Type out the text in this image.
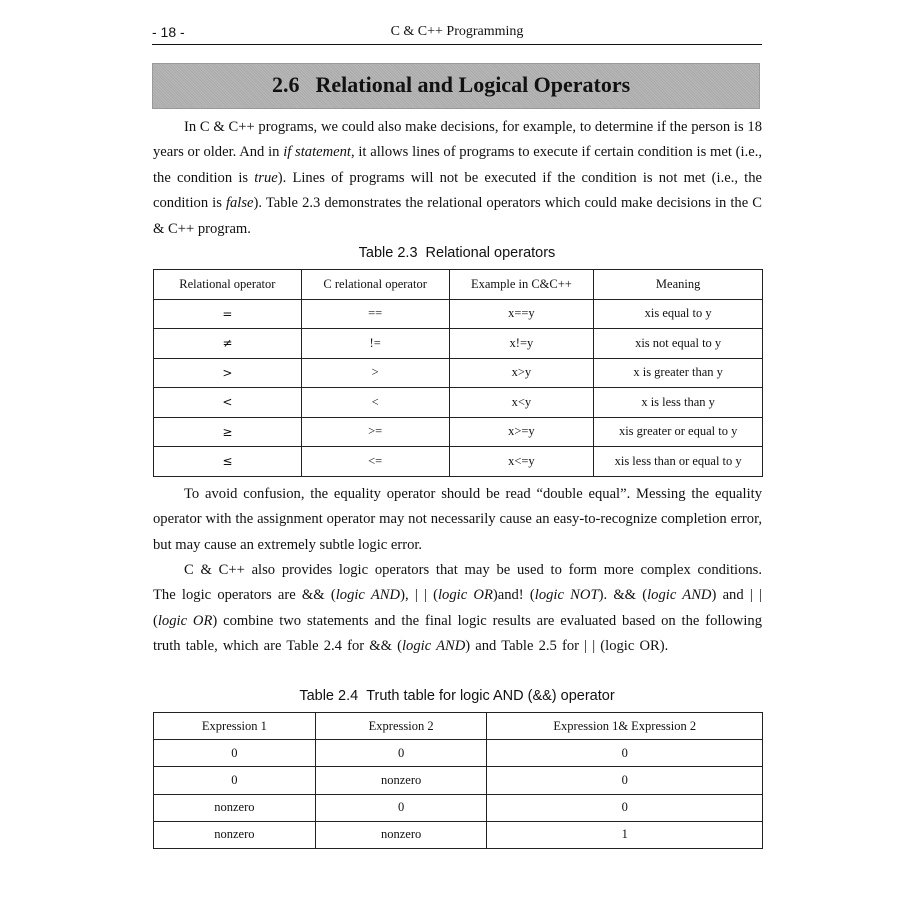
- 18 -	C & C++ Programming
2.6 Relational and Logical Operators

In C & C++ programs, we could also make decisions, for example, to determine if the person is 18 years or older. And in if statement, it allows lines of programs to execute if certain condition is met (i.e., the condition is true). Lines of programs will not be executed if the condition is not met (i.e., the condition is false). Table 2.3 demonstrates the relational operators which could make decisions in the C & C++ program.

Table 2.3 Relational operators
Relational operator	C relational operator	Example in C&C++	Meaning
=	==	x==y	xis equal to y
≠	!=	x!=y	xis not equal to y
>	>	x>y	x is greater than y
<	<	x<y	x is less than y
≥	>=	x>=y	xis greater or equal to y
≤	<=	x<=y	xis less than or equal to y

To avoid confusion, the equality operator should be read “double equal”. Messing the equality operator with the assignment operator may not necessarily cause an easy-to-recognize completion error, but may cause an extremely subtle logic error.

C & C++ also provides logic operators that may be used to form more complex conditions. The logic operators are && (logic AND), | | (logic OR)and! (logic NOT). && (logic AND) and | | (logic OR) combine two statements and the final logic results are evaluated based on the following truth table, which are Table 2.4 for && (logic AND) and Table 2.5 for | | (logic OR).

Table 2.4 Truth table for logic AND (&&) operator
Expression 1	Expression 2	Expression 1& Expression 2
0	0	0
0	nonzero	0
nonzero	0	0
nonzero	nonzero	1
